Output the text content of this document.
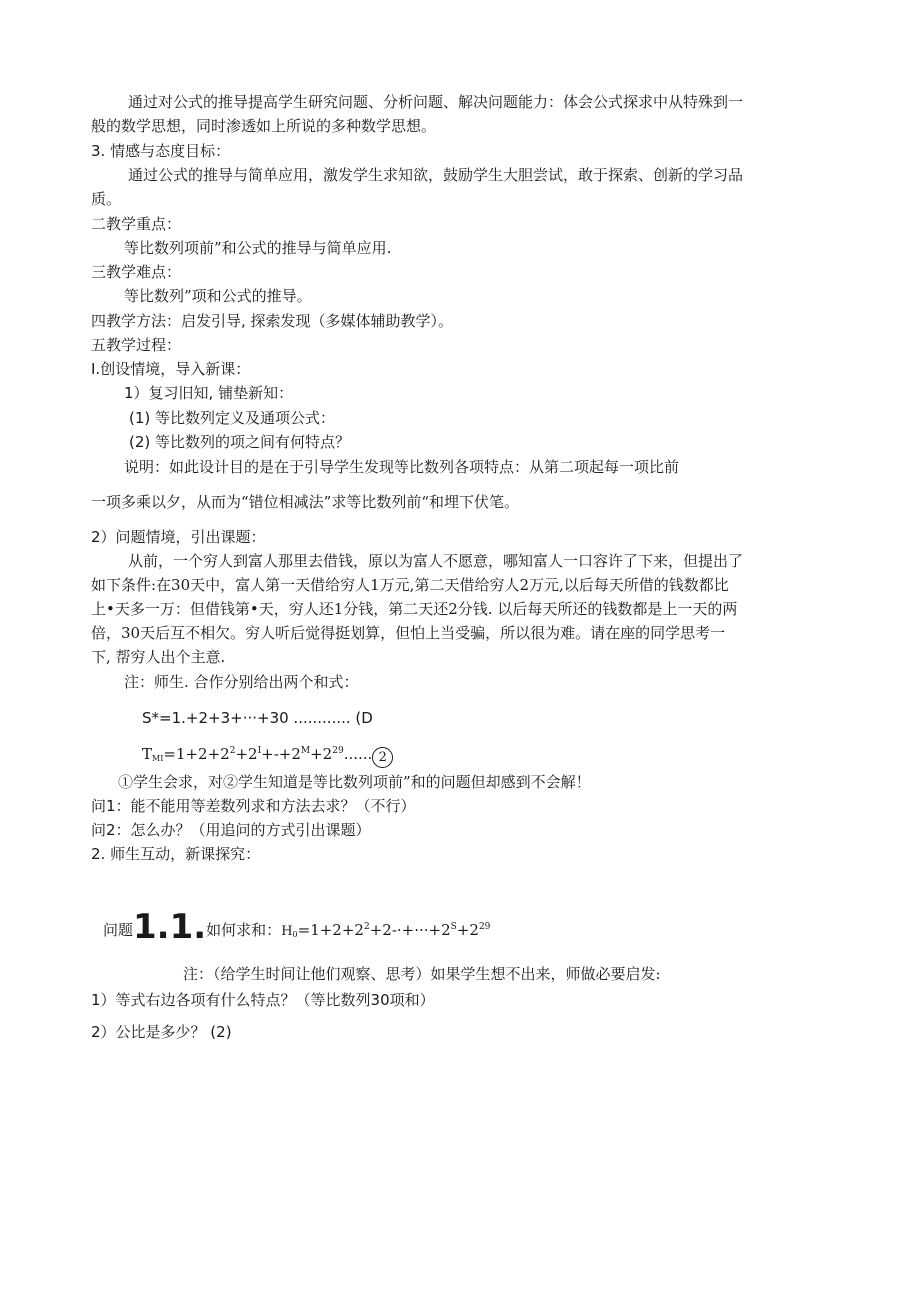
通过对公式的推导提高学生研究问题、分析问题、解决问题能力：体会公式探求中从特殊到一
般的数学思想，同时渗透如上所说的多种数学思想。
3. 情感与态度目标：
通过公式的推导与简单应用，激发学生求知欲，鼓励学生大胆尝试，敢于探索、创新的学习品
质。
二教学重点：
等比数列项前”和公式的推导与简单应用.
三教学难点：
等比数列”项和公式的推导。
四教学方法：启发引导, 探索发现（多媒体辅助教学）。
五教学过程：
I.创设情境，导入新课：
1）复习旧知, 铺垫新知：
(1) 等比数列定义及通项公式：
(2) 等比数列的项之间有何特点？
说明：如此设计目的是在于引导学生发现等比数列各项特点：从第二项起每一项比前
一项多乘以夕，从而为“错位相减法”求等比数列前“和埋下伏笔。
2）问题情境，引出课题：
从前，一个穷人到富人那里去借钱，原以为富人不愿意，哪知富人一口容许了下来，但提出了
如下条件:在30天中，富人第一天借给穷人1万元,第二天借给穷人2万元,以后每天所借的钱数都比
上•天多一万：但借钱第•天，穷人还1分钱，第二天还2分钱. 以后每天所还的钱数都是上一天的两
倍，30天后互不相欠。穷人听后觉得挺划算，但怕上当受骗，所以很为难。请在座的同学思考一
下, 帮穷人出个主意.
注：师生. 合作分别给出两个和式：
S*=1.+2+3+···+30 ............ (D
$T_{MI}=1+2+2^2+2^I+-+2^M+2^{29}$...... 2
①学生会求，对②学生知道是等比数列项前”和的问题但却感到不会解！
问1：能不能用等差数列求和方法去求？（不行）
问2：怎么办？（用追问的方式引出课题）
2. 师生互动，新课探究：
问题1.1.如何求和：$H_0=1+2+2^2+2-\cdot+\cdot\cdot\cdot+2^S+2^{29}$
注：（给学生时间让他们观察、思考）如果学生想不出来，师做必要启发:
1）等式右边各项有什么特点？（等比数列30项和）
2）公比是多少？ (2)
